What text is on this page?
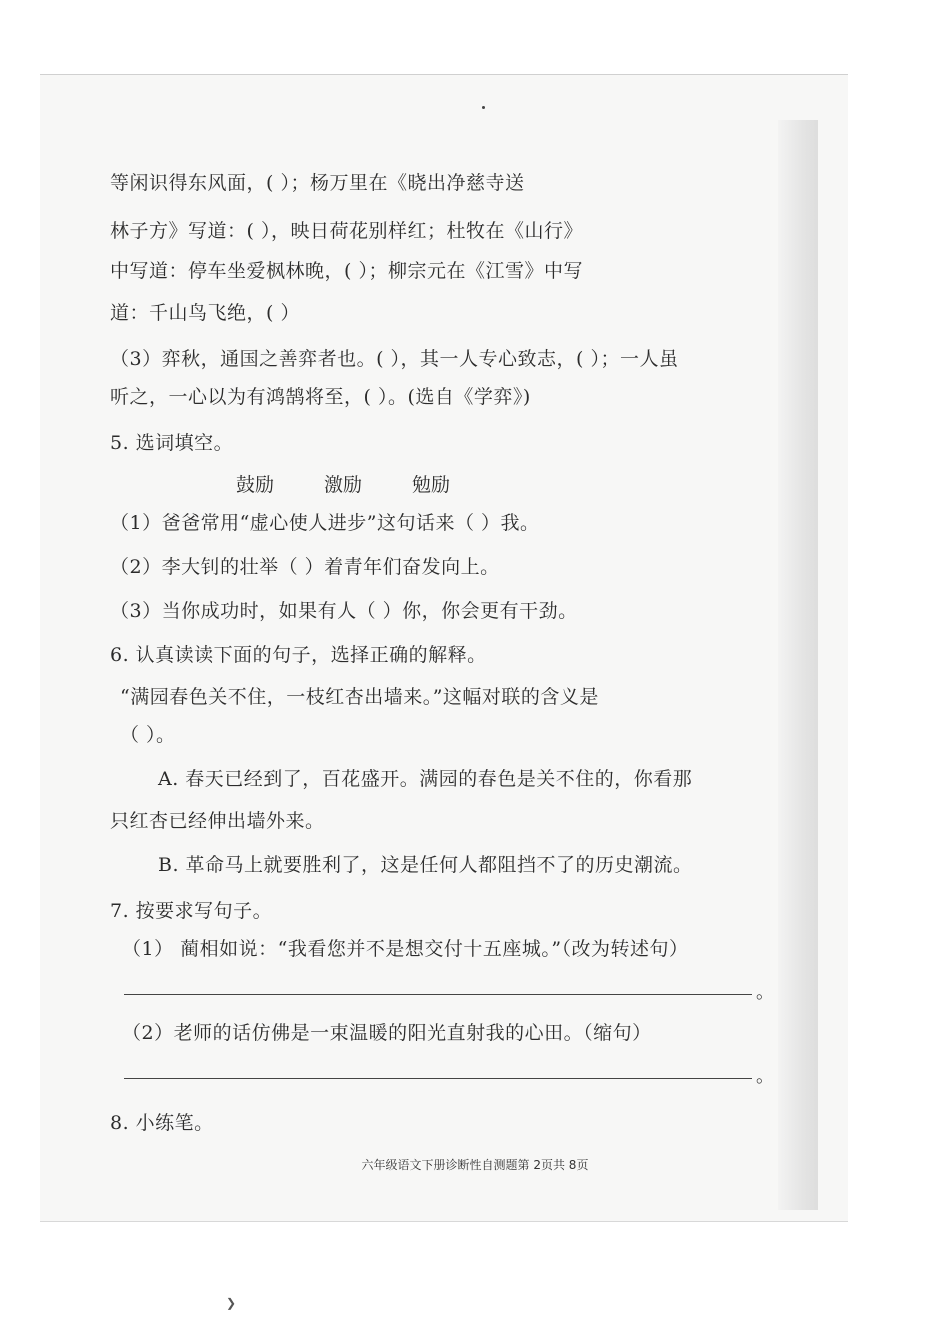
等闲识得东风面，( ）；杨万里在《晓出净慈寺送
林子方》写道：( ），映日荷花别样红；杜牧在《山行》
中写道：停车坐爱枫林晚，( ）；柳宗元在《江雪》中写
道：千山鸟飞绝，( ）
（3）弈秋，通国之善弈者也。( ），其一人专心致志，( ）；一人虽
听之，一心以为有鸿鹄将至，( ）。(选自《学弈》)
5. 选词填空。
鼓励	激励	勉励
（1）爸爸常用“虚心使人进步”这句话来（ ）我。
（2）李大钊的壮举（ ）着青年们奋发向上。
（3）当你成功时，如果有人（ ）你，你会更有干劲。
6. 认真读读下面的句子，选择正确的解释。
“满园春色关不住，一枝红杏出墙来。”这幅对联的含义是
（ ）。
A. 春天已经到了，百花盛开。满园的春色是关不住的，你看那
只红杏已经伸出墙外来。
B. 革命马上就要胜利了，这是任何人都阻挡不了的历史潮流。
7. 按要求写句子。
（1） 蔺相如说：“我看您并不是想交付十五座城。”（改为转述句）
。
（2）老师的话仿佛是一束温暖的阳光直射我的心田。（缩句）
。
8. 小练笔。
六年级语文下册诊断性自测题第 2页共 8页
❯
